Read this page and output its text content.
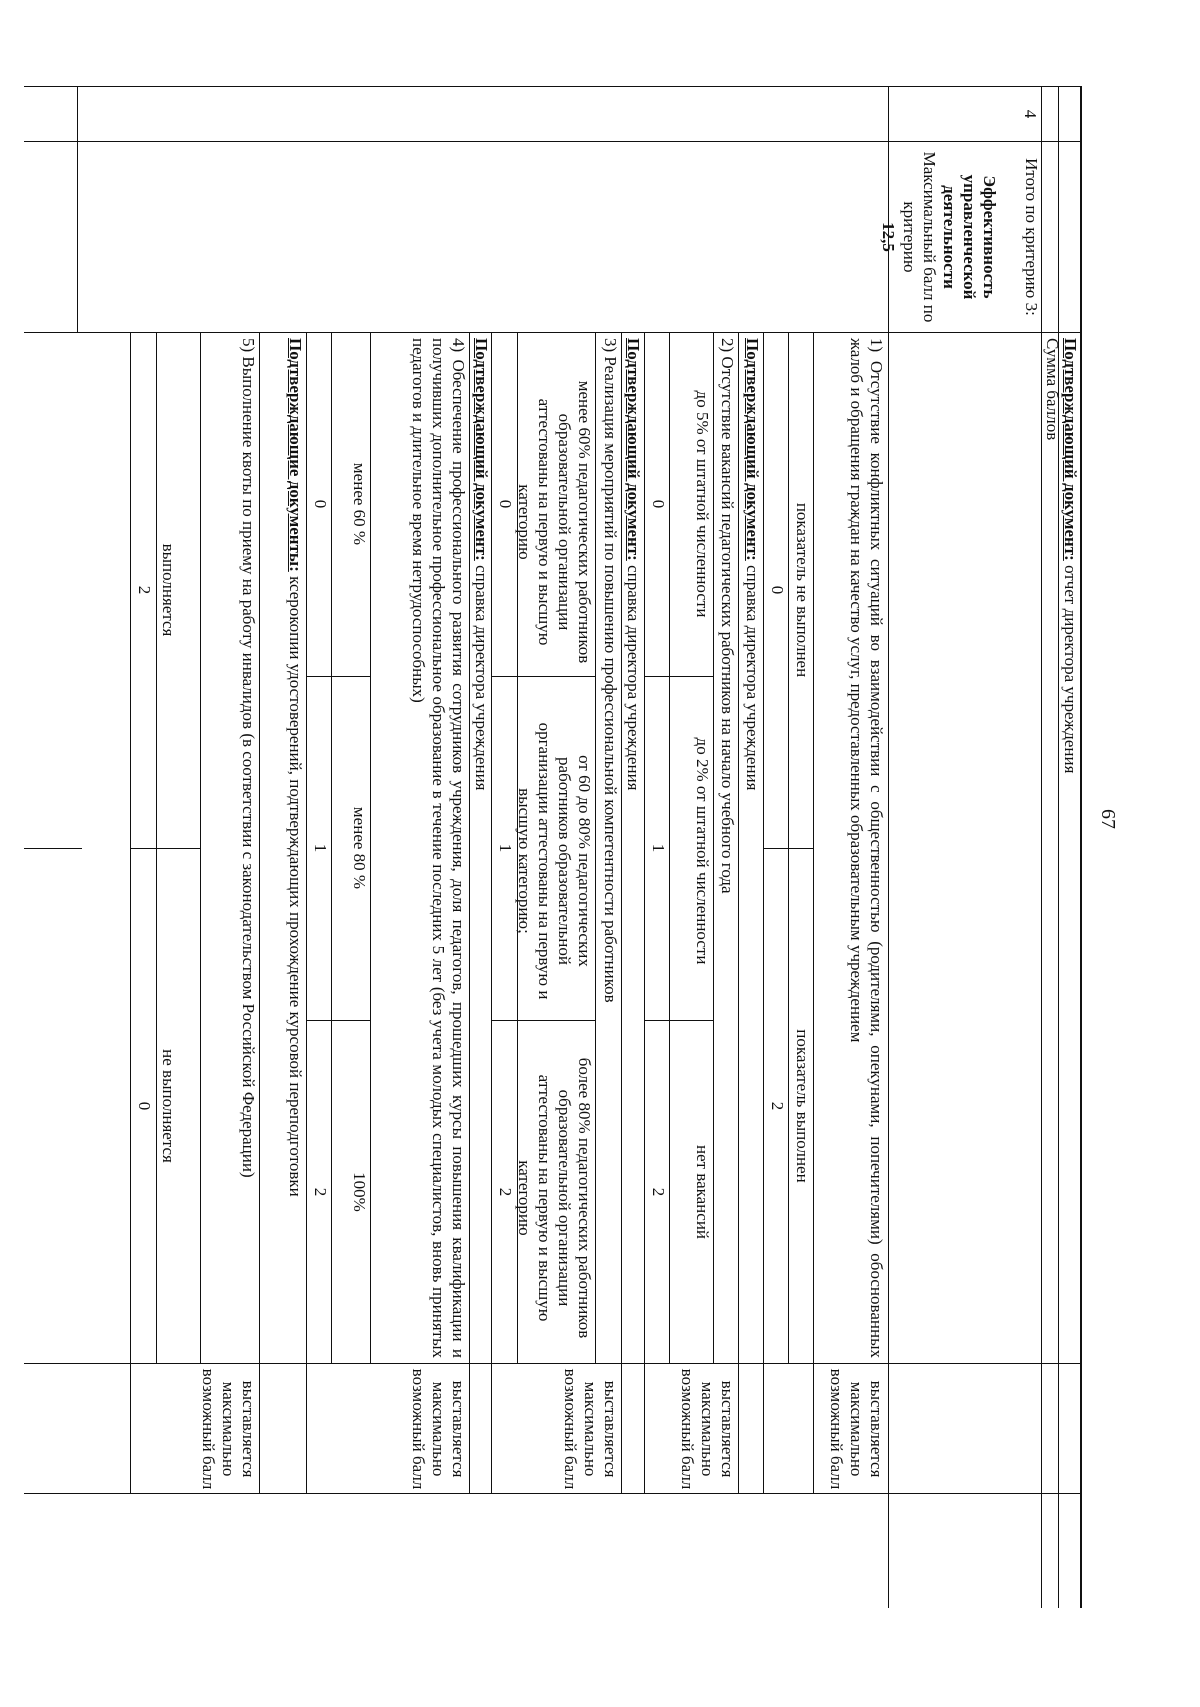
67
Подтверждающий документ: отчет директора учреждения
Итого по критерию 3:
Сумма баллов
4
Эффективность управленческой деятельности
Максимальный балл по критерию
12,5
1) Отсутствие конфликтных ситуаций во взаимодействии с общественностью (родителями, опекунами, попечителями) обоснованных жалоб и обращения граждан на качество услуг, предоставленных образовательным учреждением
выставляется максимально возможный балл
показатель не выполнен
показатель выполнен
0
2
Подтверждающий документ: справка директора учреждения
2) Отсутствие вакансий педагогических работников на начало учебного года
выставляется максимально возможный балл
до 5% от штатной численности
до 2% от штатной численности
нет вакансий
0
1
2
Подтверждающий документ: справка директора учреждения
3) Реализация мероприятий по повышению профессиональной компетентности работников
выставляется максимально возможный балл
менее 60% педагогических работников образовательной организации аттестованы на первую и высшую категорию
от 60 до 80% педагогических работников образовательной организации аттестованы на первую и высшую категорию;
более 80% педагогических работников образовательной организации аттестованы на первую и высшую категорию
0
1
2
Подтверждающий документ: справка директора учреждения
4) Обеспечение профессионального развития сотрудников учреждения, доля педагогов, прошедших курсы повышения квалификации и получивших дополнительное профессиональное образование в течение последних 5 лет (без учета молодых специалистов, вновь принятых педагогов и длительное время нетрудоспособных)
выставляется максимально возможный балл
менее 60 %
менее 80 %
100%
0
1
2
Подтверждающие документы: ксерокопии удостоверений, подтверждающих прохождение курсовой переподготовки
5) Выполнение квоты по приему на работу инвалидов (в соответствии с законодательством Российской Федерации)
выставляется максимально возможный балл
выполняется
не выполняется
2
0
